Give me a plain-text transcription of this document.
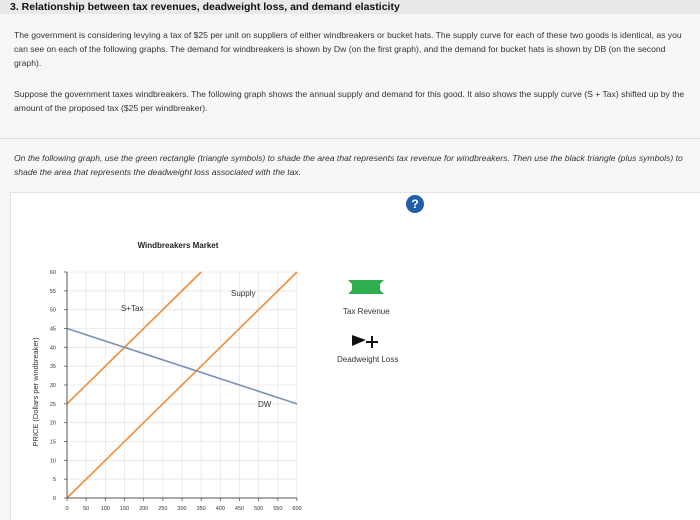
3. Relationship between tax revenues, deadweight loss, and demand elasticity
The government is considering levying a tax of $25 per unit on suppliers of either windbreakers or bucket hats. The supply curve for each of these two goods is identical, as you can see on each of the following graphs. The demand for windbreakers is shown by Dw (on the first graph), and the demand for bucket hats is shown by DB (on the second graph).
Suppose the government taxes windbreakers. The following graph shows the annual supply and demand for this good. It also shows the supply curve (S + Tax) shifted up by the amount of the proposed tax ($25 per windbreaker).
On the following graph, use the green rectangle (triangle symbols) to shade the area that represents tax revenue for windbreakers. Then use the black triangle (plus symbols) to shade the area that represents the deadweight loss associated with the tax.
?
Windbreakers Market
0	50 100 150 200 250 300 350 400 450 500 550 600
0
5
10
15
20
25
30
35
40
45
50
55
60
PRICE (Dollars per windbreaker)
Supply
S+Tax
DW
Tax Revenue
Deadweight Loss
